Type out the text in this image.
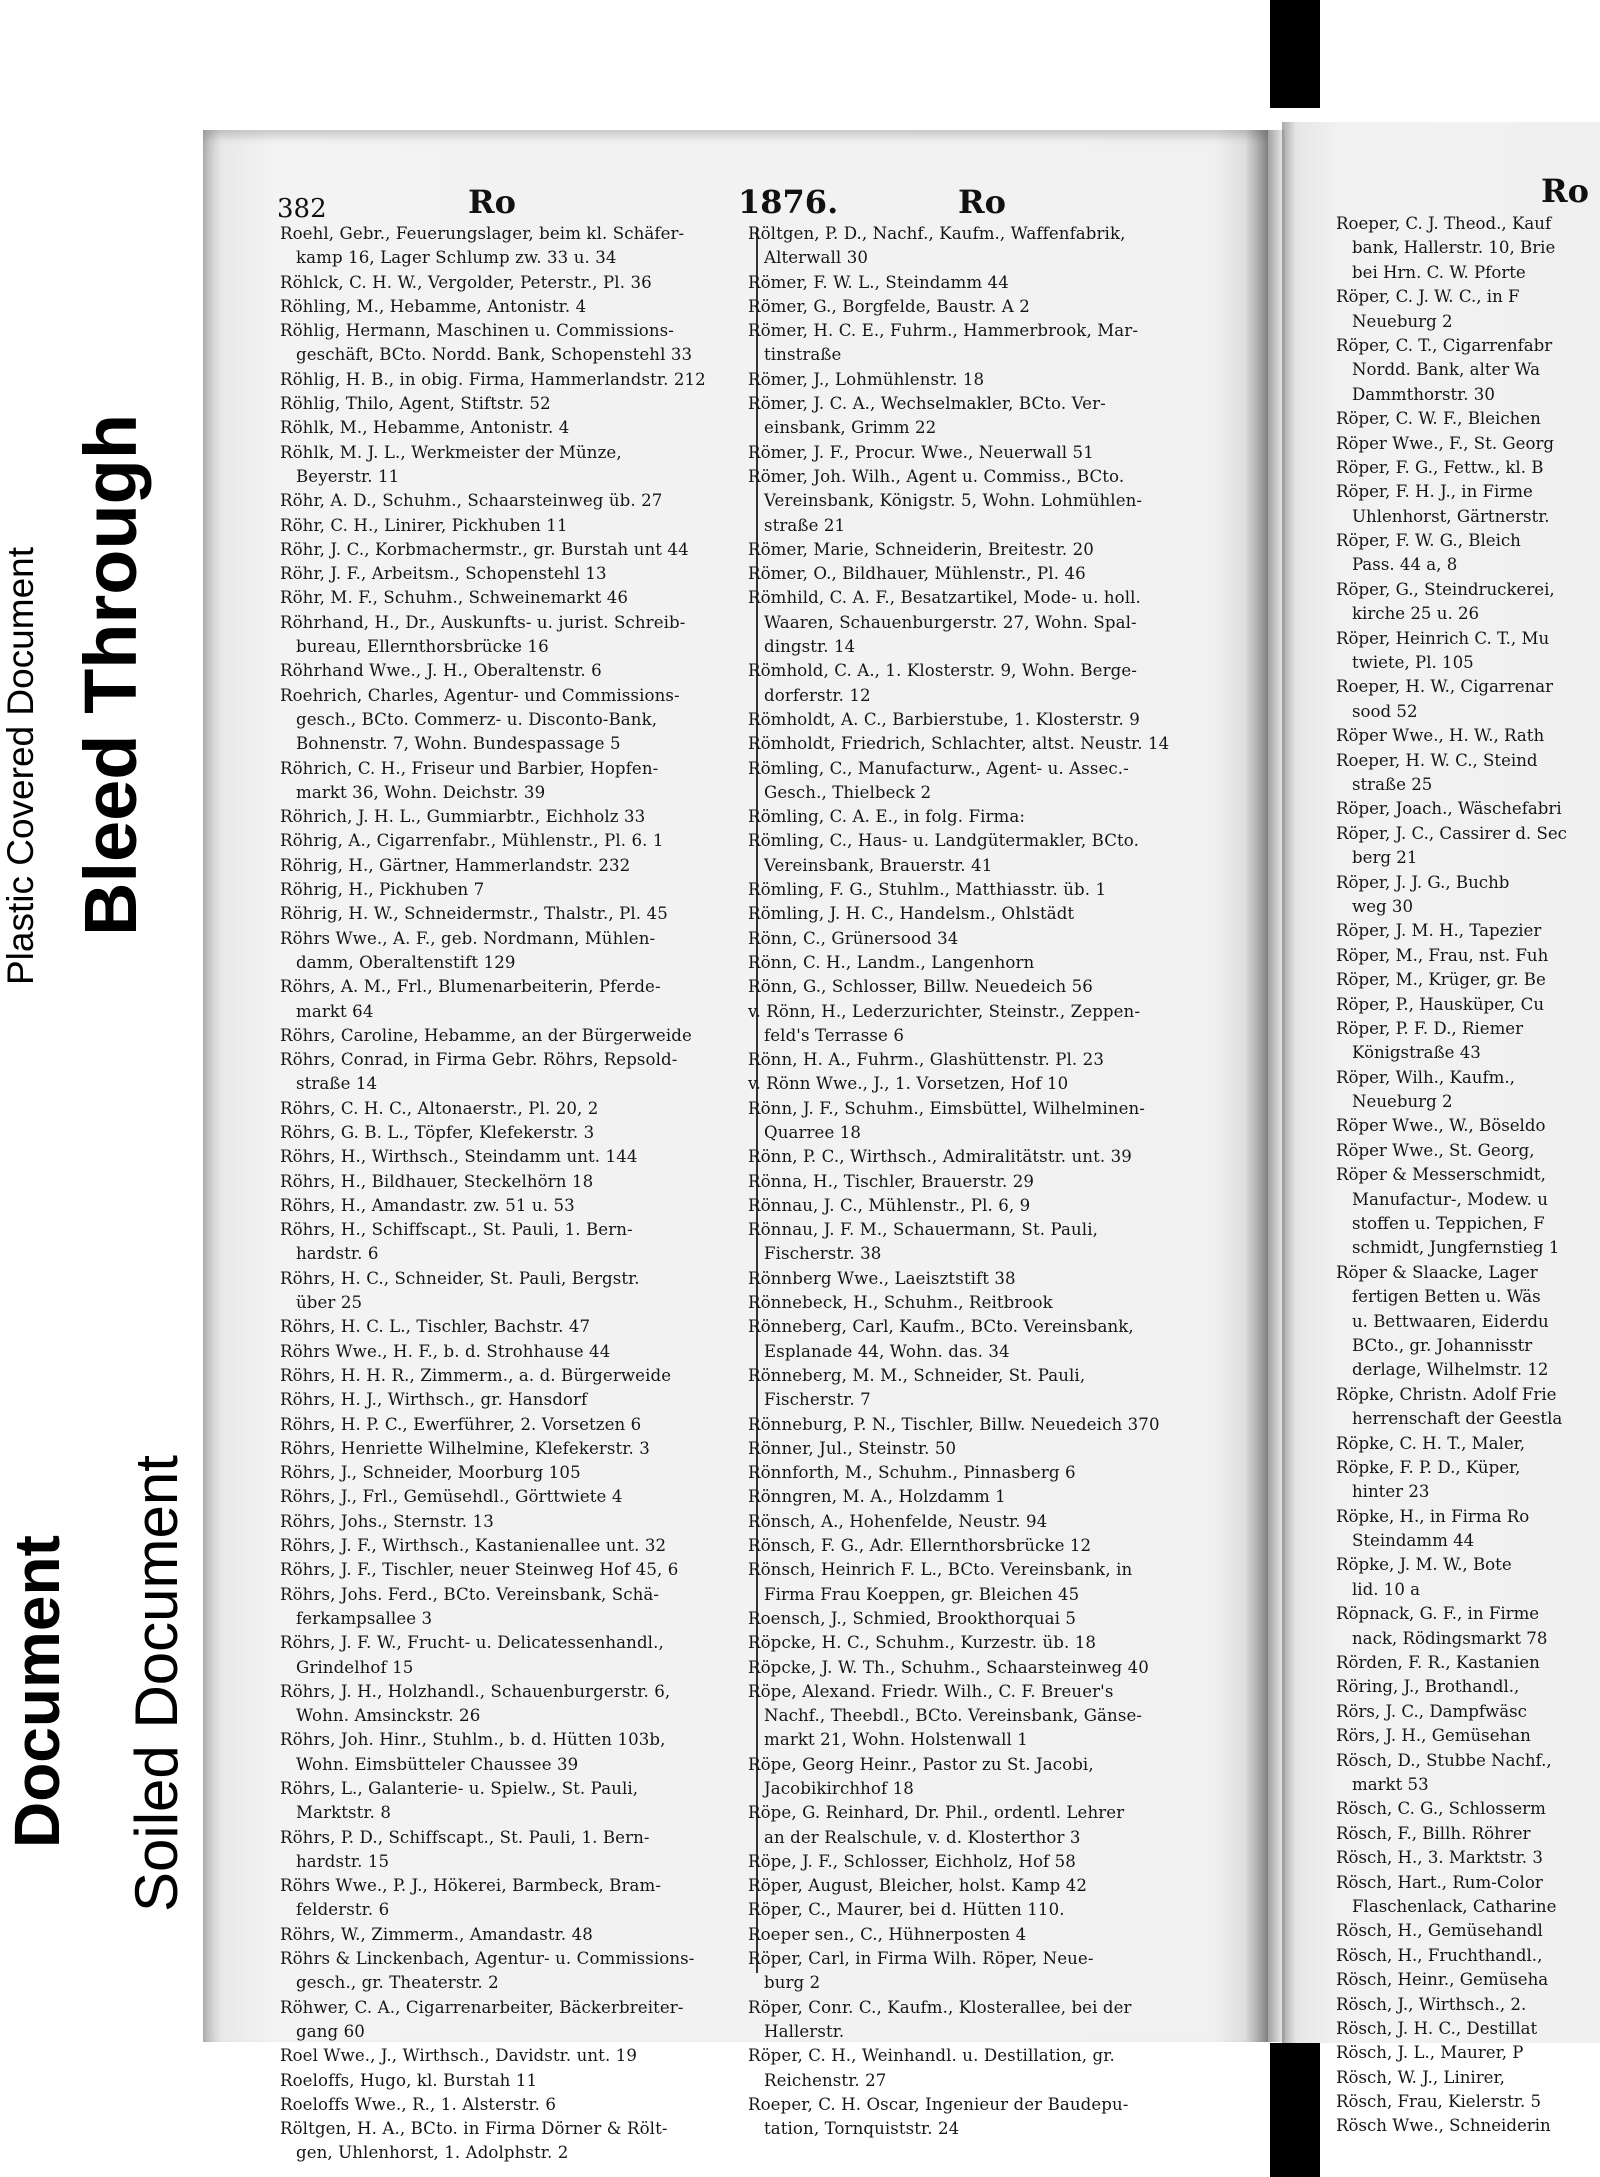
Plastic Covered Document Bleed Through
Document Soiled Document
382	Ro	1876.	Ro	Ro
Roehl, Gebr., Feuerungslager, beim kl. Schäfer-
kamp 16, Lager Schlump zw. 33 u. 34
Röhlck, C. H. W., Vergolder, Peterstr., Pl. 36
Röhling, M., Hebamme, Antonistr. 4
Röhlig, Hermann, Maschinen u. Commissions-
geschäft, BCto. Nordd. Bank, Schopenstehl 33
Röhlig, H. B., in obig. Firma, Hammerlandstr. 212
Röhlig, Thilo, Agent, Stiftstr. 52
Röhlk, M., Hebamme, Antonistr. 4
Röhlk, M. J. L., Werkmeister der Münze,
Beyerstr. 11
Röhr, A. D., Schuhm., Schaarsteinweg üb. 27
Röhr, C. H., Linirer, Pickhuben 11
Röhr, J. C., Korbmachermstr., gr. Burstah unt 44
Röhr, J. F., Arbeitsm., Schopenstehl 13
Röhr, M. F., Schuhm., Schweinemarkt 46
Röhrhand, H., Dr., Auskunfts- u. jurist. Schreib-
bureau, Ellernthorsbrücke 16
Röhrhand Wwe., J. H., Oberaltenstr. 6
Roehrich, Charles, Agentur- und Commissions-
gesch., BCto. Commerz- u. Disconto-Bank,
Bohnenstr. 7, Wohn. Bundespassage 5
Röhrich, C. H., Friseur und Barbier, Hopfen-
markt 36, Wohn. Deichstr. 39
Röhrich, J. H. L., Gummiarbtr., Eichholz 33
Röhrig, A., Cigarrenfabr., Mühlenstr., Pl. 6. 1
Röhrig, H., Gärtner, Hammerlandstr. 232
Röhrig, H., Pickhuben 7
Röhrig, H. W., Schneidermstr., Thalstr., Pl. 45
Röhrs Wwe., A. F., geb. Nordmann, Mühlen-
damm, Oberaltenstift 129
Röhrs, A. M., Frl., Blumenarbeiterin, Pferde-
markt 64
Röhrs, Caroline, Hebamme, an der Bürgerweide
Röhrs, Conrad, in Firma Gebr. Röhrs, Repsold-
straße 14
Röhrs, C. H. C., Altonaerstr., Pl. 20, 2
Röhrs, G. B. L., Töpfer, Klefekerstr. 3
Röhrs, H., Wirthsch., Steindamm unt. 144
Röhrs, H., Bildhauer, Steckelhörn 18
Röhrs, H., Amandastr. zw. 51 u. 53
Röhrs, H., Schiffscapt., St. Pauli, 1. Bern-
hardstr. 6
Röhrs, H. C., Schneider, St. Pauli, Bergstr.
über 25
Röhrs, H. C. L., Tischler, Bachstr. 47
Röhrs Wwe., H. F., b. d. Strohhause 44
Röhrs, H. H. R., Zimmerm., a. d. Bürgerweide
Röhrs, H. J., Wirthsch., gr. Hansdorf
Röhrs, H. P. C., Ewerführer, 2. Vorsetzen 6
Röhrs, Henriette Wilhelmine, Klefekerstr. 3
Röhrs, J., Schneider, Moorburg 105
Röhrs, J., Frl., Gemüsehdl., Görttwiete 4
Röhrs, Johs., Sternstr. 13
Röhrs, J. F., Wirthsch., Kastanienallee unt. 32
Röhrs, J. F., Tischler, neuer Steinweg Hof 45, 6
Röhrs, Johs. Ferd., BCto. Vereinsbank, Schä-
ferkampsallee 3
Röhrs, J. F. W., Frucht- u. Delicatessenhandl.,
Grindelhof 15
Röhrs, J. H., Holzhandl., Schauenburgerstr. 6,
Wohn. Amsinckstr. 26
Röhrs, Joh. Hinr., Stuhlm., b. d. Hütten 103b,
Wohn. Eimsbütteler Chaussee 39
Röhrs, L., Galanterie- u. Spielw., St. Pauli,
Marktstr. 8
Röhrs, P. D., Schiffscapt., St. Pauli, 1. Bern-
hardstr. 15
Röhrs Wwe., P. J., Hökerei, Barmbeck, Bram-
felderstr. 6
Röhrs, W., Zimmerm., Amandastr. 48
Röhrs & Linckenbach, Agentur- u. Commissions-
gesch., gr. Theaterstr. 2
Röhwer, C. A., Cigarrenarbeiter, Bäckerbreiter-
gang 60
Roel Wwe., J., Wirthsch., Davidstr. unt. 19
Roeloffs, Hugo, kl. Burstah 11
Roeloffs Wwe., R., 1. Alsterstr. 6
Röltgen, H. A., BCto. in Firma Dörner & Rölt-
gen, Uhlenhorst, 1. Adolphstr. 2
Röltgen, P. D., Nachf., Kaufm., Waffenfabrik,
Alterwall 30
Römer, F. W. L., Steindamm 44
Römer, G., Borgfelde, Baustr. A 2
Römer, H. C. E., Fuhrm., Hammerbrook, Mar-
tinstraße
Römer, J., Lohmühlenstr. 18
Römer, J. C. A., Wechselmakler, BCto. Ver-
einsbank, Grimm 22
Römer, J. F., Procur. Wwe., Neuerwall 51
Römer, Joh. Wilh., Agent u. Commiss., BCto.
Vereinsbank, Königstr. 5, Wohn. Lohmühlen-
straße 21
Römer, Marie, Schneiderin, Breitestr. 20
Römer, O., Bildhauer, Mühlenstr., Pl. 46
Römhild, C. A. F., Besatzartikel, Mode- u. holl.
Waaren, Schauenburgerstr. 27, Wohn. Spal-
dingstr. 14
Römhold, C. A., 1. Klosterstr. 9, Wohn. Berge-
dorferstr. 12
Römholdt, A. C., Barbierstube, 1. Klosterstr. 9
Römholdt, Friedrich, Schlachter, altst. Neustr. 14
Römling, C., Manufacturw., Agent- u. Assec.-
Gesch., Thielbeck 2
Römling, C. A. E., in folg. Firma:
Römling, C., Haus- u. Landgütermakler, BCto.
Vereinsbank, Brauerstr. 41
Römling, F. G., Stuhlm., Matthiasstr. üb. 1
Römling, J. H. C., Handelsm., Ohlstädt
Rönn, C., Grünersood 34
Rönn, C. H., Landm., Langenhorn
Rönn, G., Schlosser, Billw. Neuedeich 56
v. Rönn, H., Lederzurichter, Steinstr., Zeppen-
feld's Terrasse 6
Rönn, H. A., Fuhrm., Glashüttenstr. Pl. 23
v. Rönn Wwe., J., 1. Vorsetzen, Hof 10
Rönn, J. F., Schuhm., Eimsbüttel, Wilhelminen-
Quarree 18
Rönn, P. C., Wirthsch., Admiralitätstr. unt. 39
Rönna, H., Tischler, Brauerstr. 29
Rönnau, J. C., Mühlenstr., Pl. 6, 9
Rönnau, J. F. M., Schauermann, St. Pauli,
Fischerstr. 38
Rönnberg Wwe., Laeisztstift 38
Rönnebeck, H., Schuhm., Reitbrook
Rönneberg, Carl, Kaufm., BCto. Vereinsbank,
Esplanade 44, Wohn. das. 34
Rönneberg, M. M., Schneider, St. Pauli,
Fischerstr. 7
Rönneburg, P. N., Tischler, Billw. Neuedeich 370
Rönner, Jul., Steinstr. 50
Rönnforth, M., Schuhm., Pinnasberg 6
Rönngren, M. A., Holzdamm 1
Rönsch, A., Hohenfelde, Neustr. 94
Rönsch, F. G., Adr. Ellernthorsbrücke 12
Rönsch, Heinrich F. L., BCto. Vereinsbank, in
Firma Frau Koeppen, gr. Bleichen 45
Roensch, J., Schmied, Brookthorquai 5
Röpcke, H. C., Schuhm., Kurzestr. üb. 18
Röpcke, J. W. Th., Schuhm., Schaarsteinweg 40
Röpe, Alexand. Friedr. Wilh., C. F. Breuer's
Nachf., Theebdl., BCto. Vereinsbank, Gänse-
markt 21, Wohn. Holstenwall 1
Röpe, Georg Heinr., Pastor zu St. Jacobi,
Jacobikirchhof 18
Röpe, G. Reinhard, Dr. Phil., ordentl. Lehrer
an der Realschule, v. d. Klosterthor 3
Röpe, J. F., Schlosser, Eichholz, Hof 58
Röper, August, Bleicher, holst. Kamp 42
Röper, C., Maurer, bei d. Hütten 110.
Roeper sen., C., Hühnerposten 4
Röper, Carl, in Firma Wilh. Röper, Neue-
burg 2
Röper, Conr. C., Kaufm., Klosterallee, bei der
Hallerstr.
Röper, C. H., Weinhandl. u. Destillation, gr.
Reichenstr. 27
Roeper, C. H. Oscar, Ingenieur der Baudepu-
tation, Tornquiststr. 24
Roeper, C. J. Theod., Kauf
bank, Hallerstr. 10, Brie
bei Hrn. C. W. Pforte
Röper, C. J. W. C., in F
Neueburg 2
Röper, C. T., Cigarrenfabr
Nordd. Bank, alter Wa
Dammthorstr. 30
Röper, C. W. F., Bleichen
Röper Wwe., F., St. Georg
Röper, F. G., Fettw., kl. B
Röper, F. H. J., in Firme
Uhlenhorst, Gärtnerstr.
Röper, F. W. G., Bleich
Pass. 44 a, 8
Röper, G., Steindruckerei,
kirche 25 u. 26
Röper, Heinrich C. T., Mu
twiete, Pl. 105
Roeper, H. W., Cigarrenar
sood 52
Röper Wwe., H. W., Rath
Roeper, H. W. C., Steind
straße 25
Röper, Joach., Wäschefabri
Röper, J. C., Cassirer d. Sec
berg 21
Röper, J. J. G., Buchb
weg 30
Röper, J. M. H., Tapezier
Röper, M., Frau, nst. Fuh
Röper, M., Krüger, gr. Be
Röper, P., Hausküper, Cu
Röper, P. F. D., Riemer
Königstraße 43
Röper, Wilh., Kaufm.,
Neueburg 2
Röper Wwe., W., Böseldo
Röper Wwe., St. Georg,
Röper & Messerschmidt,
Manufactur-, Modew. u
stoffen u. Teppichen, F
schmidt, Jungfernstieg 1
Röper & Slaacke, Lager
fertigen Betten u. Wäs
u. Bettwaaren, Eiderdu
BCto., gr. Johannisstr
derlage, Wilhelmstr. 12
Röpke, Christn. Adolf Frie
herrenschaft der Geestla
Röpke, C. H. T., Maler,
Röpke, F. P. D., Küper,
hinter 23
Röpke, H., in Firma Ro
Steindamm 44
Röpke, J. M. W., Bote
lid. 10 a
Röpnack, G. F., in Firme
nack, Rödingsmarkt 78
Rörden, F. R., Kastanien
Röring, J., Brothandl.,
Rörs, J. C., Dampfwäsc
Rörs, J. H., Gemüsehan
Rösch, D., Stubbe Nachf.,
markt 53
Rösch, C. G., Schlosserm
Rösch, F., Billh. Röhrer
Rösch, H., 3. Marktstr. 3
Rösch, Hart., Rum-Color
Flaschenlack, Catharine
Rösch, H., Gemüsehandl
Rösch, H., Fruchthandl.,
Rösch, Heinr., Gemüseha
Rösch, J., Wirthsch., 2.
Rösch, J. H. C., Destillat
Rösch, J. L., Maurer, P
Rösch, W. J., Linirer,
Rösch, Frau, Kielerstr. 5
Rösch Wwe., Schneiderin
